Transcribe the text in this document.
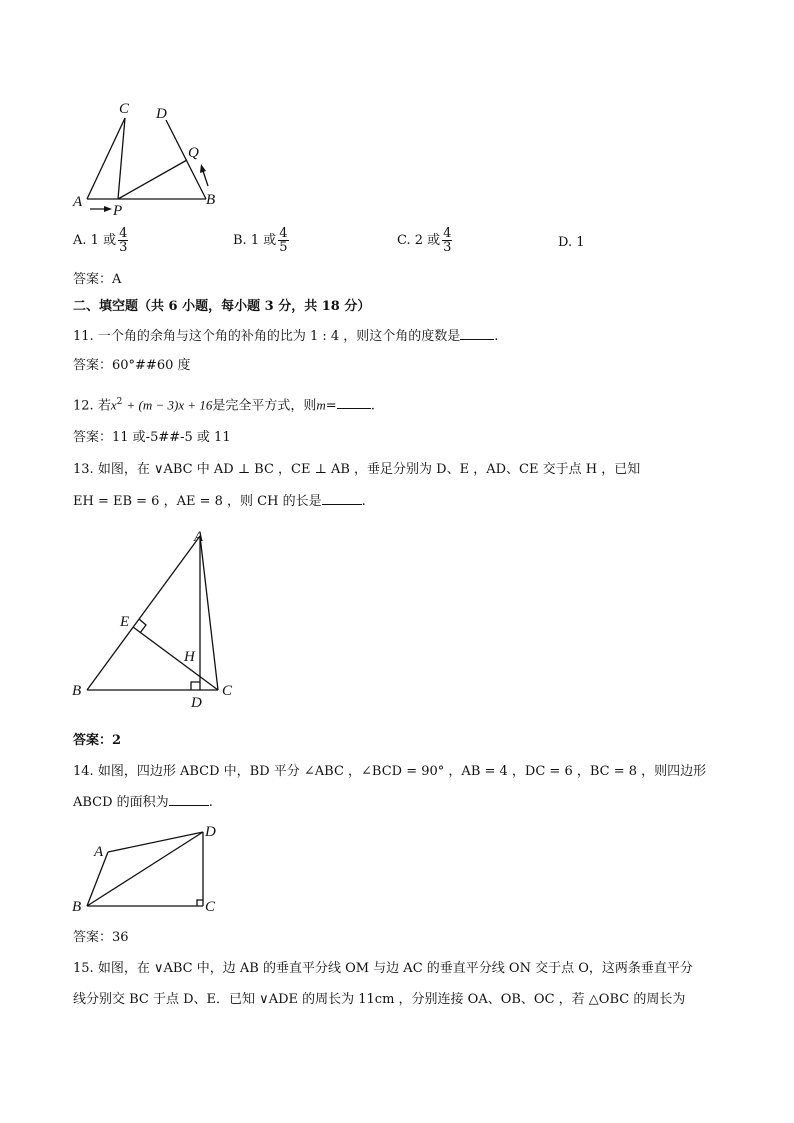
C D
Q
A	B
P
A. 1 或 $\frac{4}{3}$	B. 1 或 $\frac{4}{5}$	C. 2 或 $\frac{4}{3}$	D. 1
答案：A
二、填空题（共 6 小题，每小题 3 分，共 18 分）
11. 一个角的余角与这个角的补角的比为 1 : 4 ，则这个角的度数是	.
答案：60°##60 度
12. 若$x^2 + (m - 3)x + 16$是完全平方式，则m=	.
答案：11 或-5##-5 或 11
13. 如图，在 ∨ABC 中 AD ⊥ BC ，CE ⊥ AB ，垂足分别为 D、E ，AD、CE 交于点 H ，已知
EH = EB = 6 ，AE = 8 ，则 CH 的长是	.
A
E
H
B
D
C
答案：2
14. 如图，四边形 ABCD 中，BD 平分 ∠ABC ，∠BCD = 90° ，AB = 4 ，DC = 6 ，BC = 8 ，则四边形
ABCD 的面积为	.
A
D
B	C
答案：36
15. 如图，在 ∨ABC 中，边 AB 的垂直平分线 OM 与边 AC 的垂直平分线 ON 交于点 O，这两条垂直平分
线分别交 BC 于点 D、E．已知 ∨ADE 的周长为 11cm ，分别连接 OA、OB、OC ，若 △OBC 的周长为
